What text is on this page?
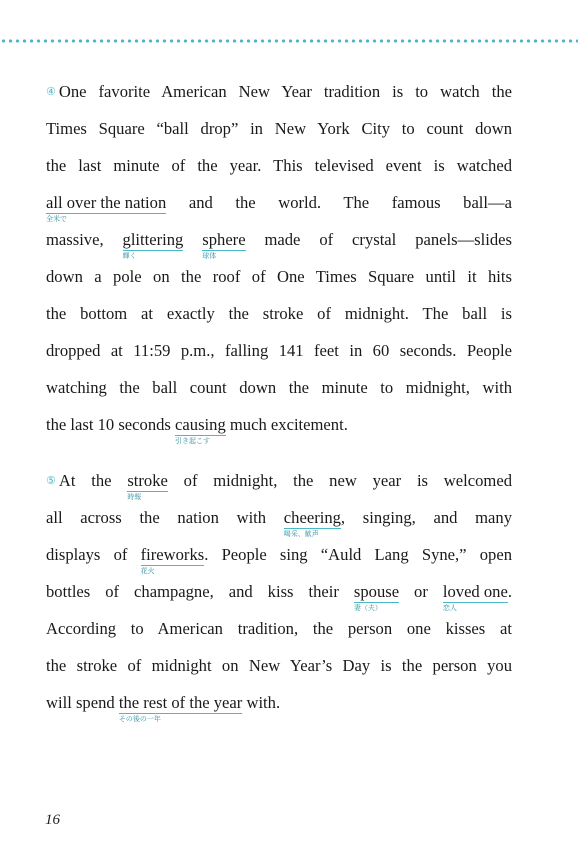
④ One favorite American New Year tradition is to watch the
Times Square “ball drop” in New York City to count down
the last minute of the year. This televised event is watched
all over the nation
全米で
and the world. The famous ball—a
massive, glittering
輝く
sphere
球体
made of crystal panels—slides
down a pole on the roof of One Times Square until it hits
the bottom at exactly the stroke of midnight. The ball is
dropped at 11:59 p.m., falling 141 feet in 60 seconds. People
watching the ball count down the minute to midnight, with
the last 10 seconds causing
引き起こす
much excitement.
⑤ At the stroke
時報
of midnight, the new year is welcomed
all across the nation with cheering
喝采、歓声
, singing, and many
displays of fireworks
花火
. People sing “Auld Lang Syne,” open
bottles of champagne, and kiss their spouse
妻（夫）
or loved one
恋人
.
According to American tradition, the person one kisses at
the stroke of midnight on New Year’s Day is the person you
will spend the rest of the year
その後の一年
with.
16
